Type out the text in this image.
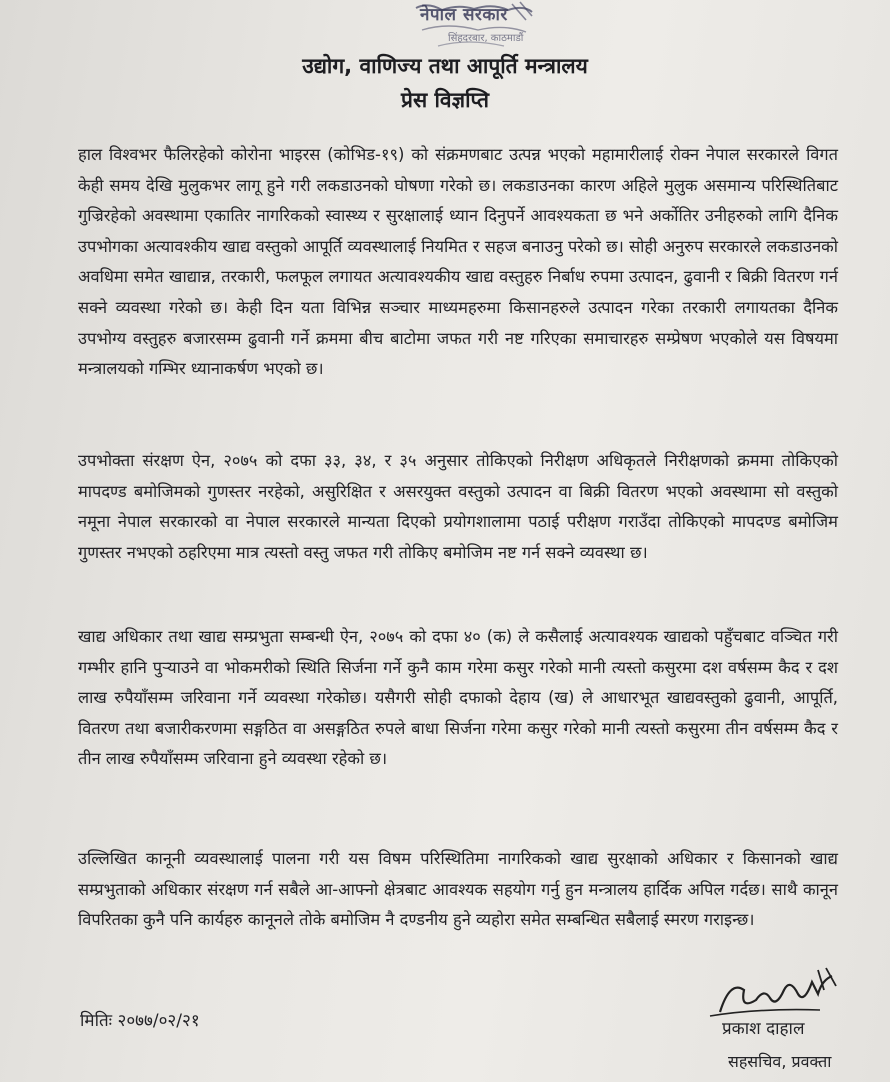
नेपाल सरकार
सिंहदरबार, काठमाडौं
उद्योग, वाणिज्य तथा आपूर्ति मन्त्रालय
प्रेस विज्ञप्ति
हाल विश्वभर फैलिरहेको कोरोना भाइरस (कोभिड-१९) को संक्रमणबाट उत्पन्न भएको महामारीलाई रोक्न नेपाल सरकारले विगत केही समय देखि मुलुकभर लागू हुने गरी लकडाउनको घोषणा गरेको छ। लकडाउनका कारण अहिले मुलुक असमान्य परिस्थितिबाट गुज्रिरहेको अवस्थामा एकातिर नागरिकको स्वास्थ्य र सुरक्षालाई ध्यान दिनुपर्ने आवश्यकता छ भने अर्कोतिर उनीहरुको लागि दैनिक उपभोगका अत्यावश्कीय खाद्य वस्तुको आपूर्ति व्यवस्थालाई नियमित र सहज बनाउनु परेको छ। सोही अनुरुप सरकारले लकडाउनको अवधिमा समेत खाद्यान्न, तरकारी, फलफूल लगायत अत्यावश्यकीय खाद्य वस्तुहरु निर्बाध रुपमा उत्पादन, ढुवानी र बिक्री वितरण गर्न सक्ने व्यवस्था गरेको छ। केही दिन यता विभिन्न सञ्चार माध्यमहरुमा किसानहरुले उत्पादन गरेका तरकारी लगायतका दैनिक उपभोग्य वस्तुहरु बजारसम्म ढुवानी गर्ने क्रममा बीच बाटोमा जफत गरी नष्ट गरिएका समाचारहरु सम्प्रेषण भएकोले यस विषयमा मन्त्रालयको गम्भिर ध्यानाकर्षण भएको छ।
उपभोक्ता संरक्षण ऐन, २०७५ को दफा ३३, ३४, र ३५ अनुसार तोकिएको निरीक्षण अधिकृतले निरीक्षणको क्रममा तोकिएको मापदण्ड बमोजिमको गुणस्तर नरहेको, असुरिक्षित र असरयुक्त वस्तुको उत्पादन वा बिक्री वितरण भएको अवस्थामा सो वस्तुको नमूना नेपाल सरकारको वा नेपाल सरकारले मान्यता दिएको प्रयोगशालामा पठाई परीक्षण गराउँदा तोकिएको मापदण्ड बमोजिम गुणस्तर नभएको ठहरिएमा मात्र त्यस्तो वस्तु जफत गरी तोकिए बमोजिम नष्ट गर्न सक्ने व्यवस्था छ।
खाद्य अधिकार तथा खाद्य सम्प्रभुता सम्बन्धी ऐन, २०७५ को दफा ४० (क) ले कसैलाई अत्यावश्यक खाद्यको पहुँचबाट वञ्चित गरी गम्भीर हानि पुऱ्याउने वा भोकमरीको स्थिति सिर्जना गर्ने कुनै काम गरेमा कसुर गरेको मानी त्यस्तो कसुरमा दश वर्षसम्म कैद र दश लाख रुपैयाँसम्म जरिवाना गर्ने व्यवस्था गरेकोछ। यसैगरी सोही दफाको देहाय (ख) ले आधारभूत खाद्यवस्तुको ढुवानी, आपूर्ति, वितरण तथा बजारीकरणमा सङ्गठित वा असङ्गठित रुपले बाधा सिर्जना गरेमा कसुर गरेको मानी त्यस्तो कसुरमा तीन वर्षसम्म कैद र तीन लाख रुपैयाँसम्म जरिवाना हुने व्यवस्था रहेको छ।
उल्लिखित कानूनी व्यवस्थालाई पालना गरी यस विषम परिस्थितिमा नागरिकको खाद्य सुरक्षाको अधिकार र किसानको खाद्य सम्प्रभुताको अधिकार संरक्षण गर्न सबैले आ-आफ्नो क्षेत्रबाट आवश्यक सहयोग गर्नु हुन मन्त्रालय हार्दिक अपिल गर्दछ। साथै कानून विपरितका कुनै पनि कार्यहरु कानूनले तोके बमोजिम नै दण्डनीय हुने व्यहोरा समेत सम्बन्धित सबैलाई स्मरण गराइन्छ।
मितिः २०७७/०२/२१	प्रकाश दाहाल
सहसचिव, प्रवक्ता
